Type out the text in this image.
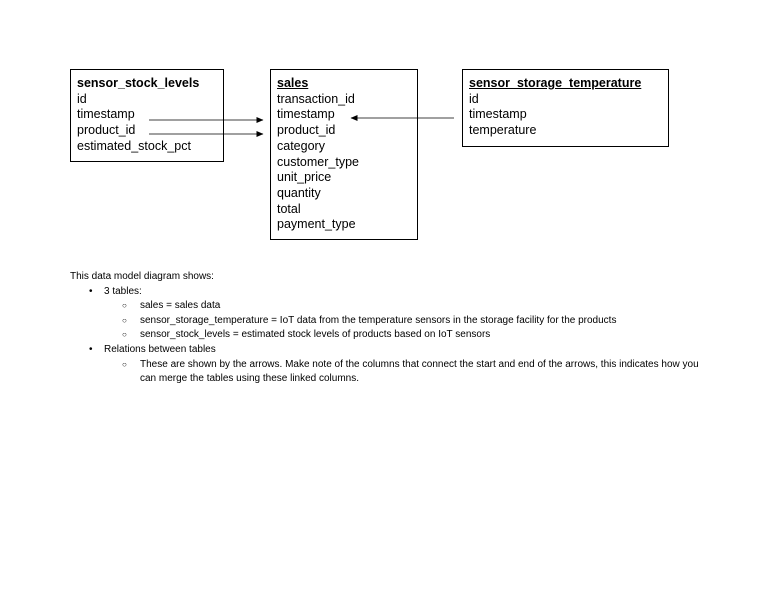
sensor_stock_levels
id
timestamp
product_id
estimated_stock_pct
sales
transaction_id
timestamp
product_id
category
customer_type
unit_price
quantity
total
payment_type
sensor_storage_temperature
id
timestamp
temperature
This data model diagram shows:
• 3 tables:
○ sales = sales data
○ sensor_storage_temperature = IoT data from the temperature sensors in the storage facility for the products
○ sensor_stock_levels = estimated stock levels of products based on IoT sensors
• Relations between tables
○ These are shown by the arrows. Make note of the columns that connect the start and end of the arrows, this indicates how you can merge the tables using these linked columns.
